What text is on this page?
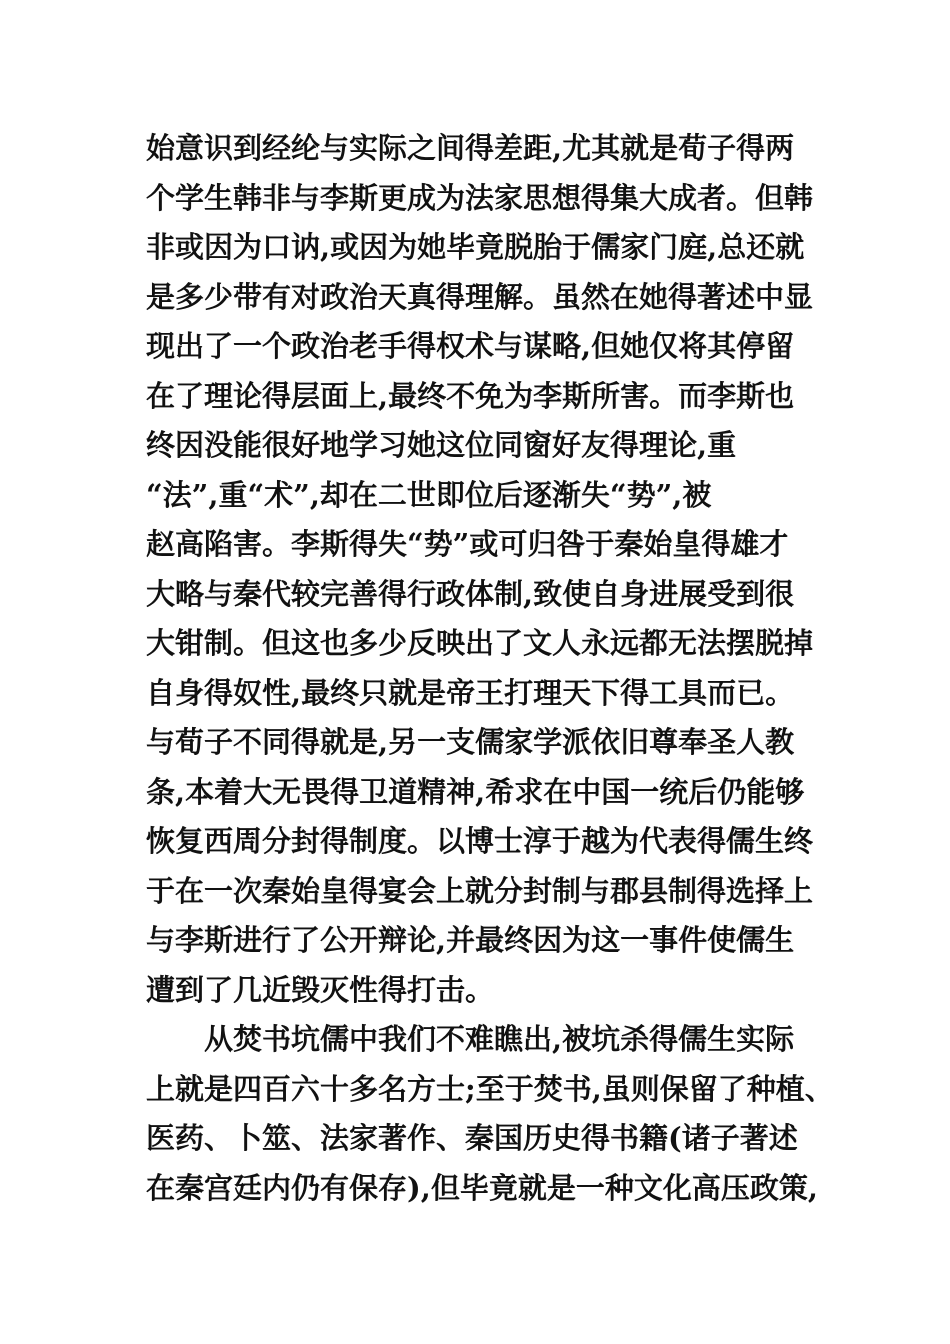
始意识到经纶与实际之间得差距,尤其就是荀子得两
个学生韩非与李斯更成为法家思想得集大成者。但韩
非或因为口讷,或因为她毕竟脱胎于儒家门庭,总还就
是多少带有对政治天真得理解。虽然在她得著述中显
现出了一个政治老手得权术与谋略,但她仅将其停留
在了理论得层面上,最终不免为李斯所害。而李斯也
终因没能很好地学习她这位同窗好友得理论,重
“法”,重“术”,却在二世即位后逐渐失“势”,被
赵高陷害。李斯得失“势”或可归咎于秦始皇得雄才
大略与秦代较完善得行政体制,致使自身进展受到很
大钳制。但这也多少反映出了文人永远都无法摆脱掉
自身得奴性,最终只就是帝王打理天下得工具而已。
与荀子不同得就是,另一支儒家学派依旧尊奉圣人教
条,本着大无畏得卫道精神,希求在中国一统后仍能够
恢复西周分封得制度。以博士淳于越为代表得儒生终
于在一次秦始皇得宴会上就分封制与郡县制得选择上
与李斯进行了公开辩论,并最终因为这一事件使儒生
遭到了几近毁灭性得打击。
从焚书坑儒中我们不难瞧出,被坑杀得儒生实际
上就是四百六十多名方士;至于焚书,虽则保留了种植、
医药、卜筮、法家著作、秦国历史得书籍(诸子著述
在秦宫廷内仍有保存),但毕竟就是一种文化高压政策,
